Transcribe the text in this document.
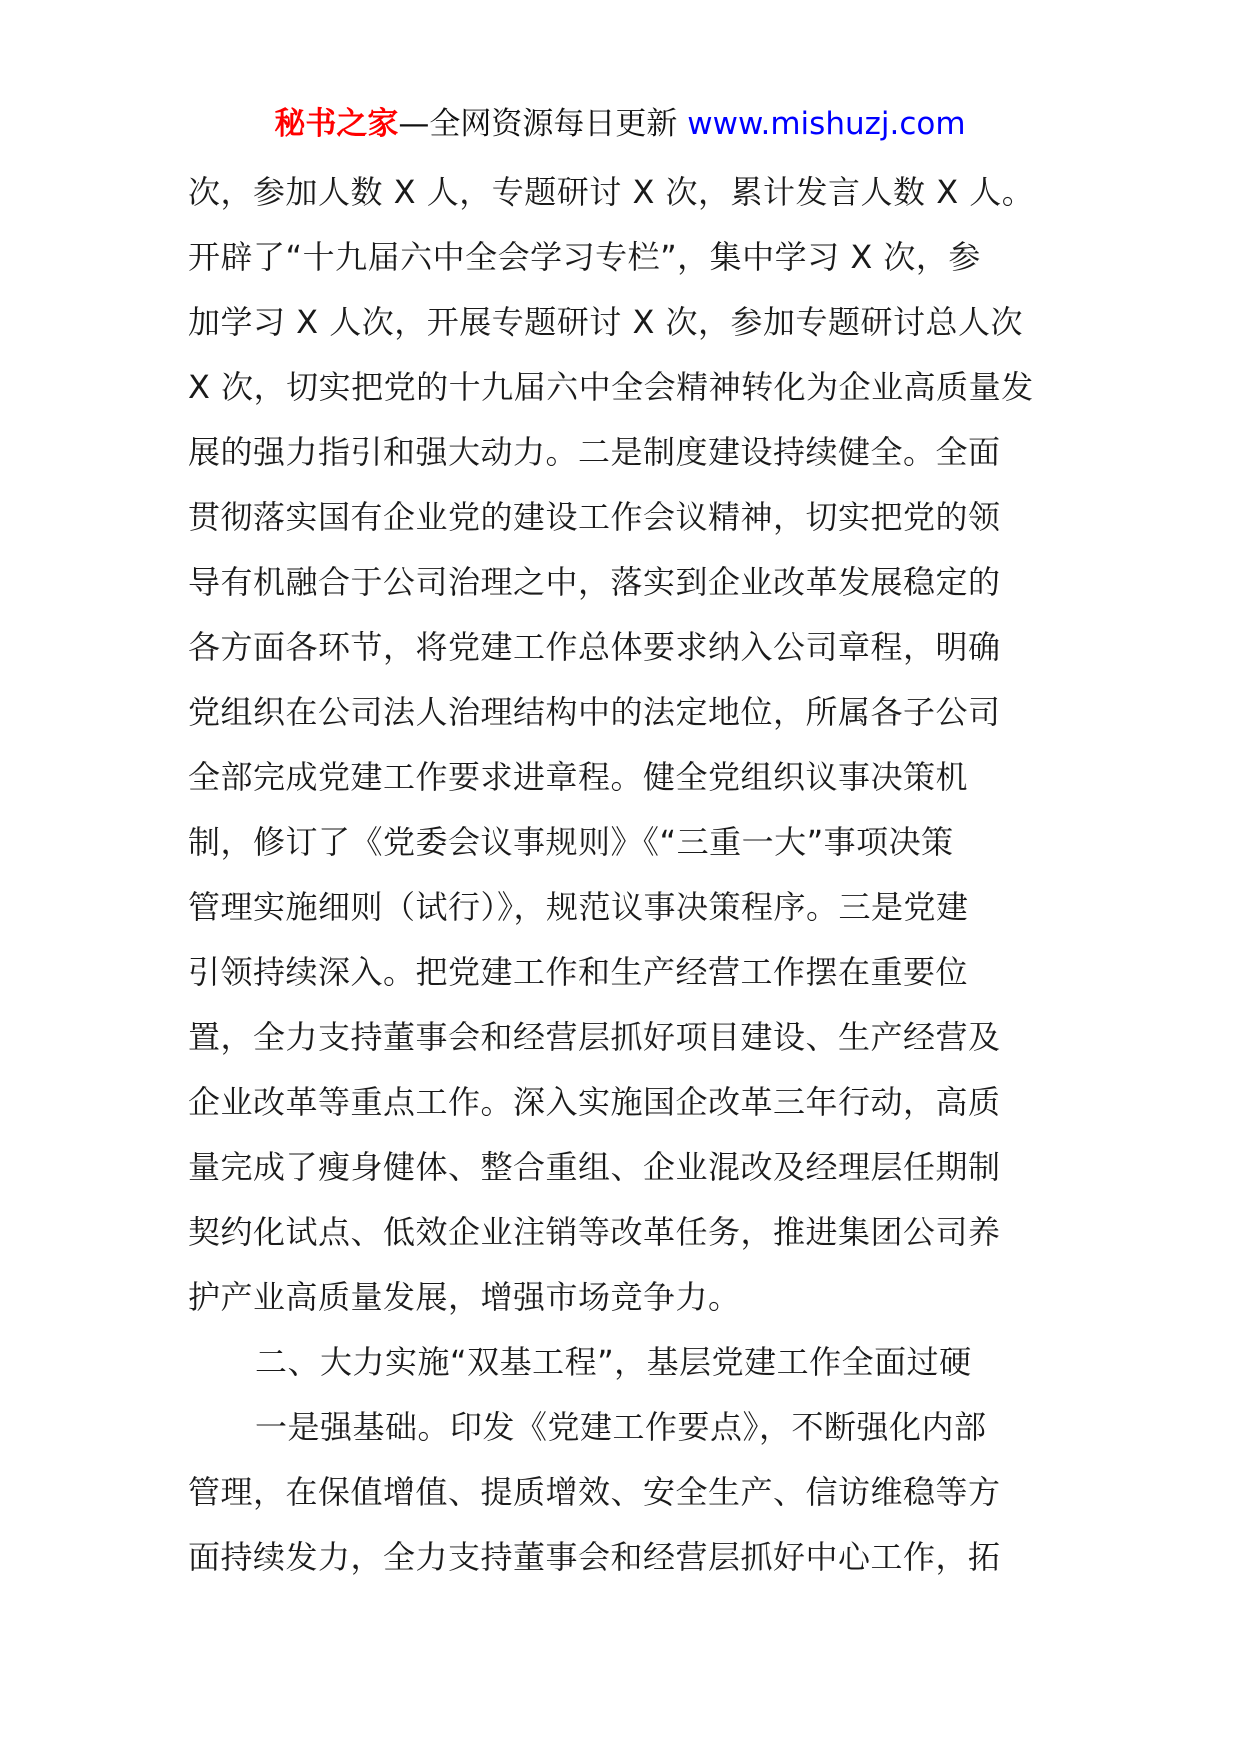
秘书之家—全网资源每日更新 www.mishuzj.com
次，参加人数 X 人，专题研讨 X 次，累计发言人数 X 人。
开辟了“十九届六中全会学习专栏”，集中学习 X 次，参
加学习 X 人次，开展专题研讨 X 次，参加专题研讨总人次
X 次，切实把党的十九届六中全会精神转化为企业高质量发
展的强力指引和强大动力。二是制度建设持续健全。全面
贯彻落实国有企业党的建设工作会议精神，切实把党的领
导有机融合于公司治理之中，落实到企业改革发展稳定的
各方面各环节，将党建工作总体要求纳入公司章程，明确
党组织在公司法人治理结构中的法定地位，所属各子公司
全部完成党建工作要求进章程。健全党组织议事决策机
制，修订了《党委会议事规则》《“三重一大”事项决策
管理实施细则（试行）》，规范议事决策程序。三是党建
引领持续深入。把党建工作和生产经营工作摆在重要位
置，全力支持董事会和经营层抓好项目建设、生产经营及
企业改革等重点工作。深入实施国企改革三年行动，高质
量完成了瘦身健体、整合重组、企业混改及经理层任期制
契约化试点、低效企业注销等改革任务，推进集团公司养
护产业高质量发展，增强市场竞争力。
二、大力实施“双基工程”，基层党建工作全面过硬
一是强基础。印发《党建工作要点》，不断强化内部
管理，在保值增值、提质增效、安全生产、信访维稳等方
面持续发力，全力支持董事会和经营层抓好中心工作，拓
